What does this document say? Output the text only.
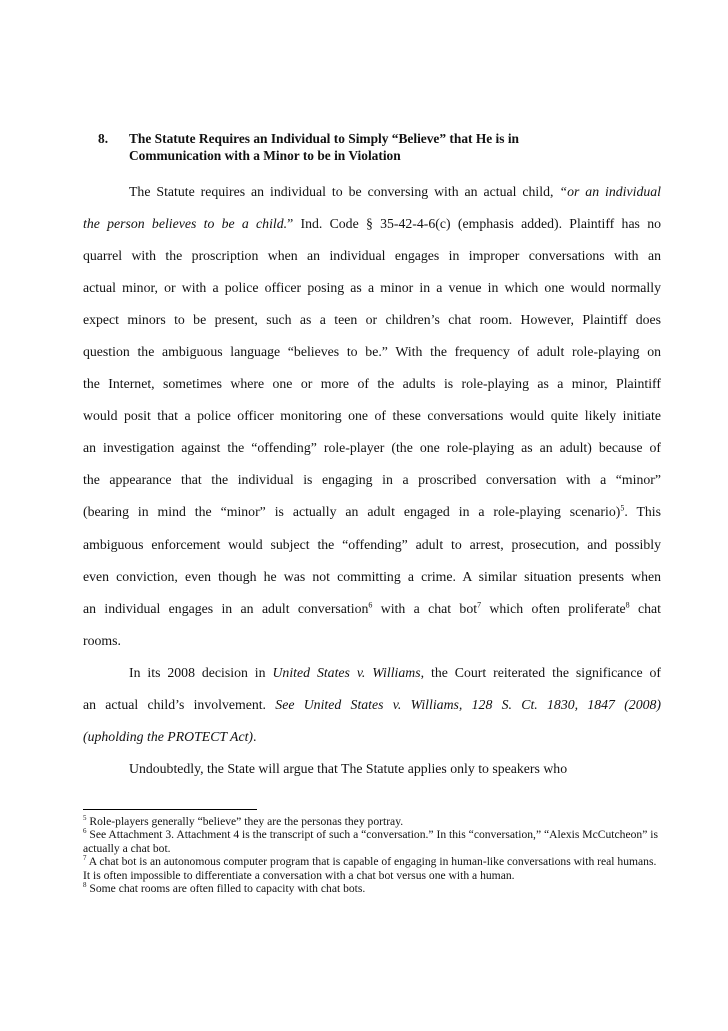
8.	The Statute Requires an Individual to Simply “Believe” that He is in
Communication with a Minor to be in Violation

The Statute requires an individual to be conversing with an actual child, “or an individual
the person believes to be a child.” Ind. Code § 35-42-4-6(c) (emphasis added). Plaintiff has no
quarrel with the proscription when an individual engages in improper conversations with an
actual minor, or with a police officer posing as a minor in a venue in which one would normally
expect minors to be present, such as a teen or children’s chat room. However, Plaintiff does
question the ambiguous language “believes to be.” With the frequency of adult role-playing on
the Internet, sometimes where one or more of the adults is role-playing as a minor, Plaintiff
would posit that a police officer monitoring one of these conversations would quite likely initiate
an investigation against the “offending” role-player (the one role-playing as an adult) because of
the appearance that the individual is engaging in a proscribed conversation with a “minor”
(bearing in mind the “minor” is actually an adult engaged in a role-playing scenario)$^5$. This
ambiguous enforcement would subject the “offending” adult to arrest, prosecution, and possibly
even conviction, even though he was not committing a crime. A similar situation presents when
an individual engages in an adult conversation$^6$ with a chat bot$^7$ which often proliferate$^8$ chat
rooms.

In its 2008 decision in United States v. Williams, the Court reiterated the significance of
an actual child’s involvement. See United States v. Williams, 128 S. Ct. 1830, 1847 (2008)
(upholding the PROTECT Act).

Undoubtedly, the State will argue that The Statute applies only to speakers who

$^5$ Role-players generally “believe” they are the personas they portray.

$^6$ See Attachment 3. Attachment 4 is the transcript of such a “conversation.” In this “conversation,” “Alexis McCutcheon” is actually a chat bot.

$^7$ A chat bot is an autonomous computer program that is capable of engaging in human-like conversations with real humans. It is often impossible to differentiate a conversation with a chat bot versus one with a human.

$^8$ Some chat rooms are often filled to capacity with chat bots.
